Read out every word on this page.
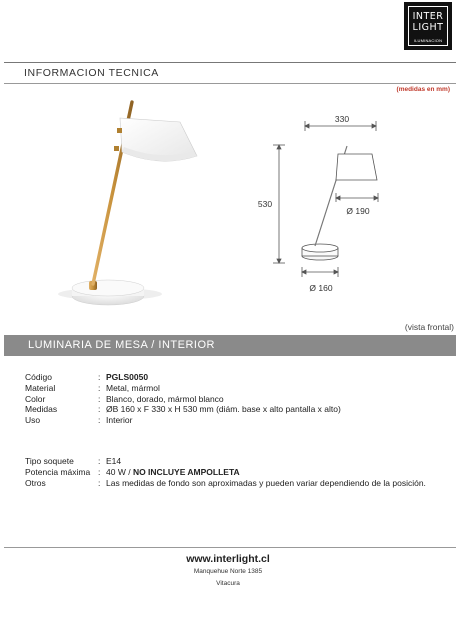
INTER
LIGHT
ILUMINACION
INFORMACION TECNICA
(medidas en mm)
330
530
Ø 190
Ø 160
(vista frontal)
LUMINARIA DE MESA / INTERIOR
Código	: PGLS0050
Material	: Metal, mármol
Color	: Blanco, dorado, mármol blanco
Medidas	: ØB 160 x F 330 x H 530 mm (diám. base x alto pantalla x alto)
Uso	: Interior
Tipo soquete	: E14
Potencia máxima : 40 W / NO INCLUYE AMPOLLETA
Otros	: Las medidas de fondo son aproximadas y pueden variar dependiendo de la posición.
www.interlight.cl
Manquehue Norte 1385
Vitacura
